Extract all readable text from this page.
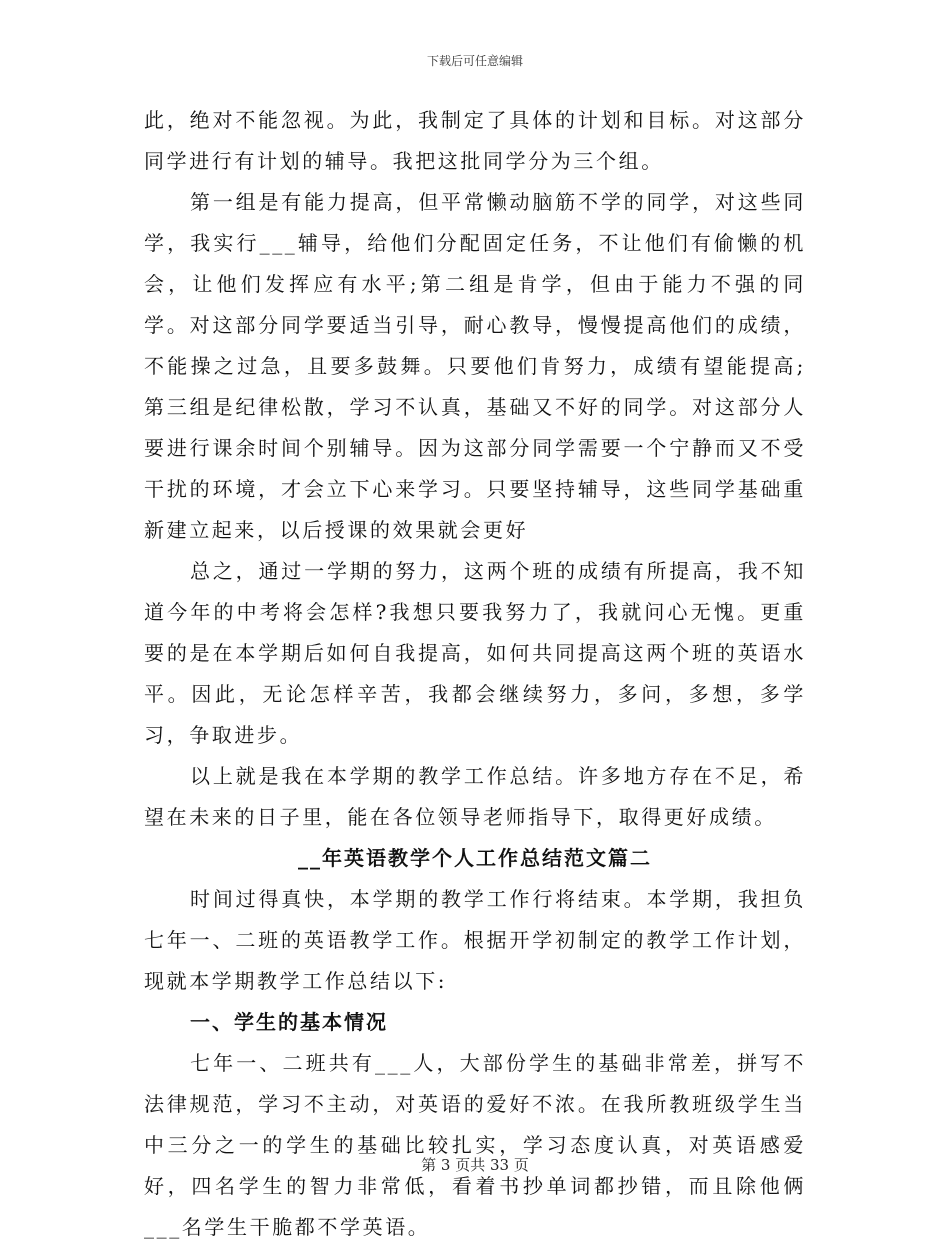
下载后可任意编辑

此，绝对不能忽视。为此，我制定了具体的计划和目标。对这部分同学进行有计划的辅导。我把这批同学分为三个组。

第一组是有能力提高，但平常懒动脑筋不学的同学，对这些同学，我实行___辅导，给他们分配固定任务，不让他们有偷懒的机会，让他们发挥应有水平;第二组是肯学，但由于能力不强的同学。对这部分同学要适当引导，耐心教导，慢慢提高他们的成绩，不能操之过急，且要多鼓舞。只要他们肯努力，成绩有望能提高;第三组是纪律松散，学习不认真，基础又不好的同学。对这部分人要进行课余时间个别辅导。因为这部分同学需要一个宁静而又不受干扰的环境，才会立下心来学习。只要坚持辅导，这些同学基础重新建立起来，以后授课的效果就会更好

总之，通过一学期的努力，这两个班的成绩有所提高，我不知道今年的中考将会怎样?我想只要我努力了，我就问心无愧。更重要的是在本学期后如何自我提高，如何共同提高这两个班的英语水平。因此，无论怎样辛苦，我都会继续努力，多问，多想，多学习，争取进步。

以上就是我在本学期的教学工作总结。许多地方存在不足，希望在未来的日子里，能在各位领导老师指导下，取得更好成绩。

__年英语教学个人工作总结范文篇二

时间过得真快，本学期的教学工作行将结束。本学期，我担负七年一、二班的英语教学工作。根据开学初制定的教学工作计划，现就本学期教学工作总结以下:

一、学生的基本情况

七年一、二班共有___人，大部份学生的基础非常差，拼写不法律规范，学习不主动，对英语的爱好不浓。在我所教班级学生当中三分之一的学生的基础比较扎实，学习态度认真，对英语感爱好，四名学生的智力非常低，看着书抄单词都抄错，而且除他俩___名学生干脆都不学英语。

第 3 页共 33 页
